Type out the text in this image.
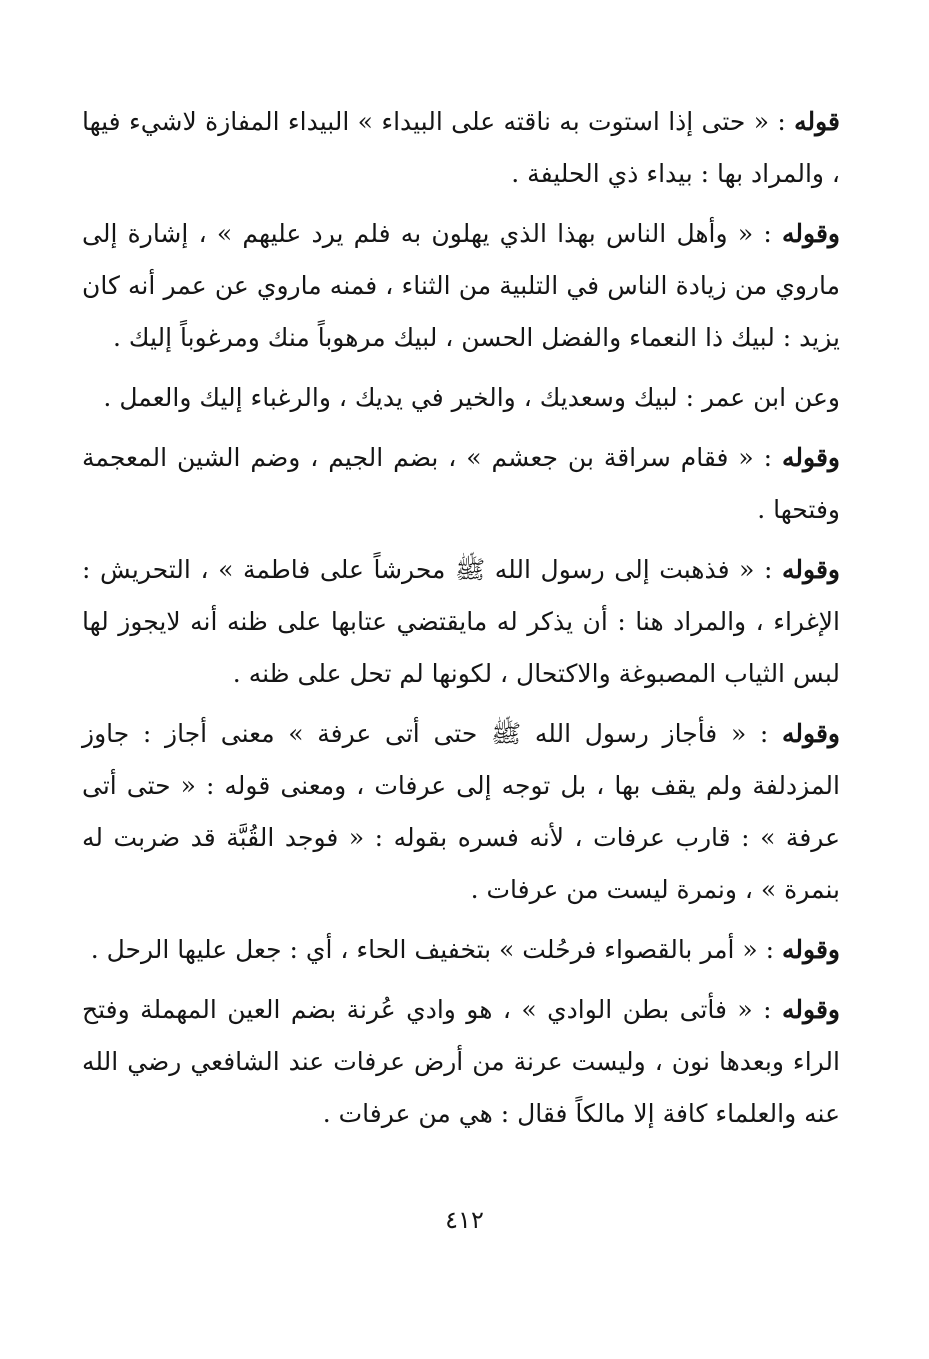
قوله : « حتى إذا استوت به ناقته على البيداء » البيداء المفازة لاشيء فيها ، والمراد بها : بيداء ذي الحليفة .

وقوله : « وأهل الناس بهذا الذي يهلون به فلم يرد عليهم » ، إشارة إلى ماروي من زيادة الناس في التلبية من الثناء ، فمنه ماروي عن عمر أنه كان يزيد : لبيك ذا النعماء والفضل الحسن ، لبيك مرهوباً منك ومرغوباً إليك .

وعن ابن عمر : لبيك وسعديك ، والخير في يديك ، والرغباء إليك والعمل .

وقوله : « فقام سراقة بن جعشم » ، بضم الجيم ، وضم الشين المعجمة وفتحها .

وقوله : « فذهبت إلى رسول الله ﷺ محرشاً على فاطمة » ، التحريش : الإغراء ، والمراد هنا : أن يذكر له مايقتضي عتابها على ظنه أنه لايجوز لها لبس الثياب المصبوغة والاكتحال ، لكونها لم تحل على ظنه .

وقوله : « فأجاز رسول الله ﷺ حتى أتى عرفة » معنى أجاز : جاوز المزدلفة ولم يقف بها ، بل توجه إلى عرفات ، ومعنى قوله : « حتى أتى عرفة » : قارب عرفات ، لأنه فسره بقوله : « فوجد القُبَّة قد ضربت له بنمرة » ، ونمرة ليست من عرفات .

وقوله : « أمر بالقصواء فرحُلت » بتخفيف الحاء ، أي : جعل عليها الرحل .

وقوله : « فأتى بطن الوادي » ، هو وادي عُرنة بضم العين المهملة وفتح الراء وبعدها نون ، وليست عرنة من أرض عرفات عند الشافعي رضي الله عنه والعلماء كافة إلا مالكاً فقال : هي من عرفات .

٤١٢
